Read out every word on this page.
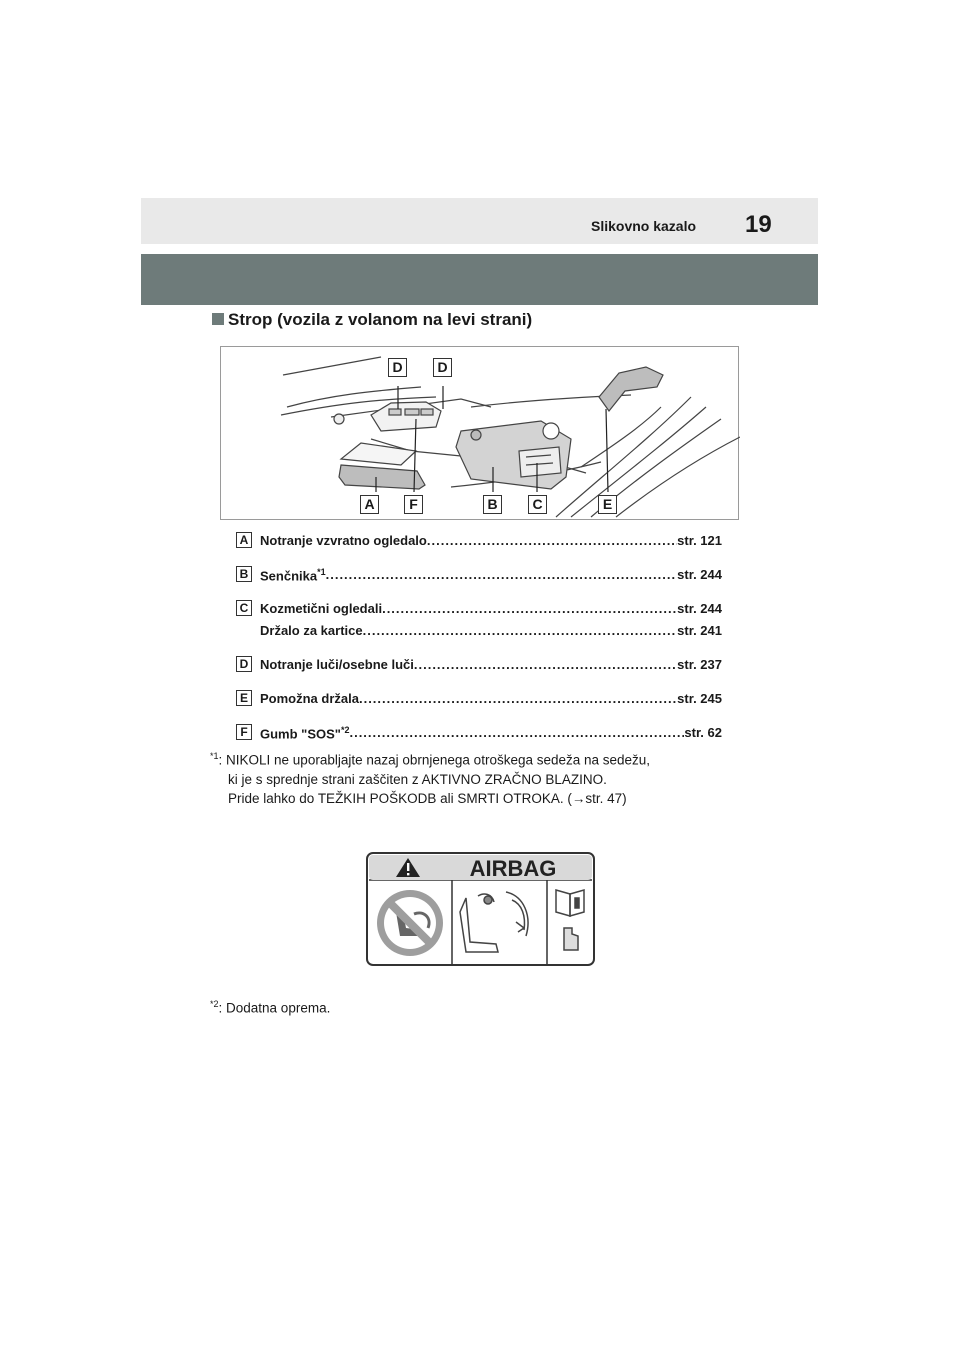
Slikovno kazalo 19
Strop (vozila z volanom na levi strani)
D	D
A	F	B	C	E
A Notranje vzvratno ogledalo .....	str. 121
B Senčnika$^{*1}$ .....	str. 244
C Kozmetični ogledali .....	str. 244
Držalo za kartice .....	str. 241
D Notranje luči/osebne luči .....	str. 237
E Pomožna držala .....	str. 245
F Gumb "SOS"$^{*2}$ .....	str. 62
$^{*1}$: NIKOLI ne uporabljajte nazaj obrnjenega otroškega sedeža na sedežu,
ki je s sprednje strani zaščiten z AKTIVNO ZRAČNO BLAZINO.
Pride lahko do TEŽKIH POŠKODB ali SMRTI OTROKA. (→str. 47)
AIRBAG
$^{*2}$: Dodatna oprema.
